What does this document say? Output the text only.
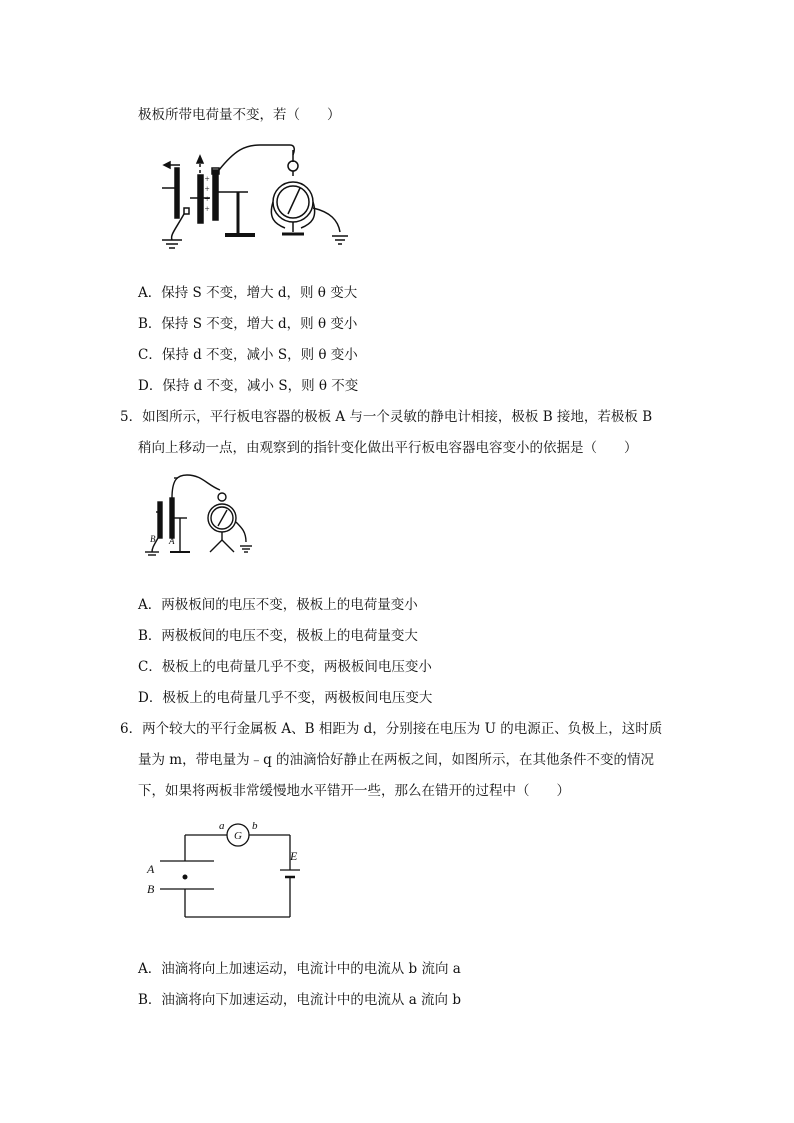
极板所带电荷量不变，若（　　）
+
+
+
+
A．保持 S 不变，增大 d，则 θ 变大
B．保持 S 不变，增大 d，则 θ 变小
C．保持 d 不变，减小 S，则 θ 变小
D．保持 d 不变，减小 S，则 θ 不变
5．如图所示，平行板电容器的极板 A 与一个灵敏的静电计相接，极板 B 接地，若极板 B
稍向上移动一点，由观察到的指针变化做出平行板电容器电容变小的依据是（　　）
B A
A．两极板间的电压不变，极板上的电荷量变小
B．两极板间的电压不变，极板上的电荷量变大
C．极板上的电荷量几乎不变，两极板间电压变小
D．极板上的电荷量几乎不变，两极板间电压变大
6．两个较大的平行金属板 A、B 相距为 d，分别接在电压为 U 的电源正、负极上，这时质
量为 m，带电量为﹣q 的油滴恰好静止在两板之间，如图所示，在其他条件不变的情况
下，如果将两板非常缓慢地水平错开一些，那么在错开的过程中（　　）
G
a	b
E
A
B
A．油滴将向上加速运动，电流计中的电流从 b 流向 a
B．油滴将向下加速运动，电流计中的电流从 a 流向 b
